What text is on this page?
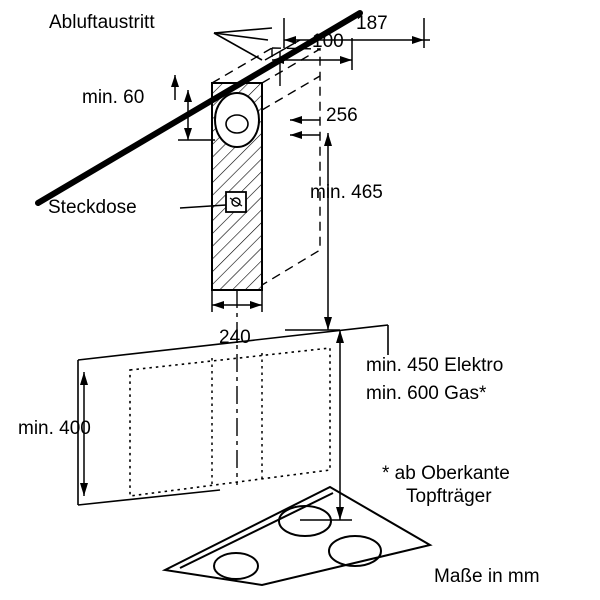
Abluftaustritt
min. 60
187
100
256
min. 465
Steckdose
240
min. 400
min. 450 Elektro
min. 600 Gas*
* ab Oberkante
Topfträger
Maße in mm
